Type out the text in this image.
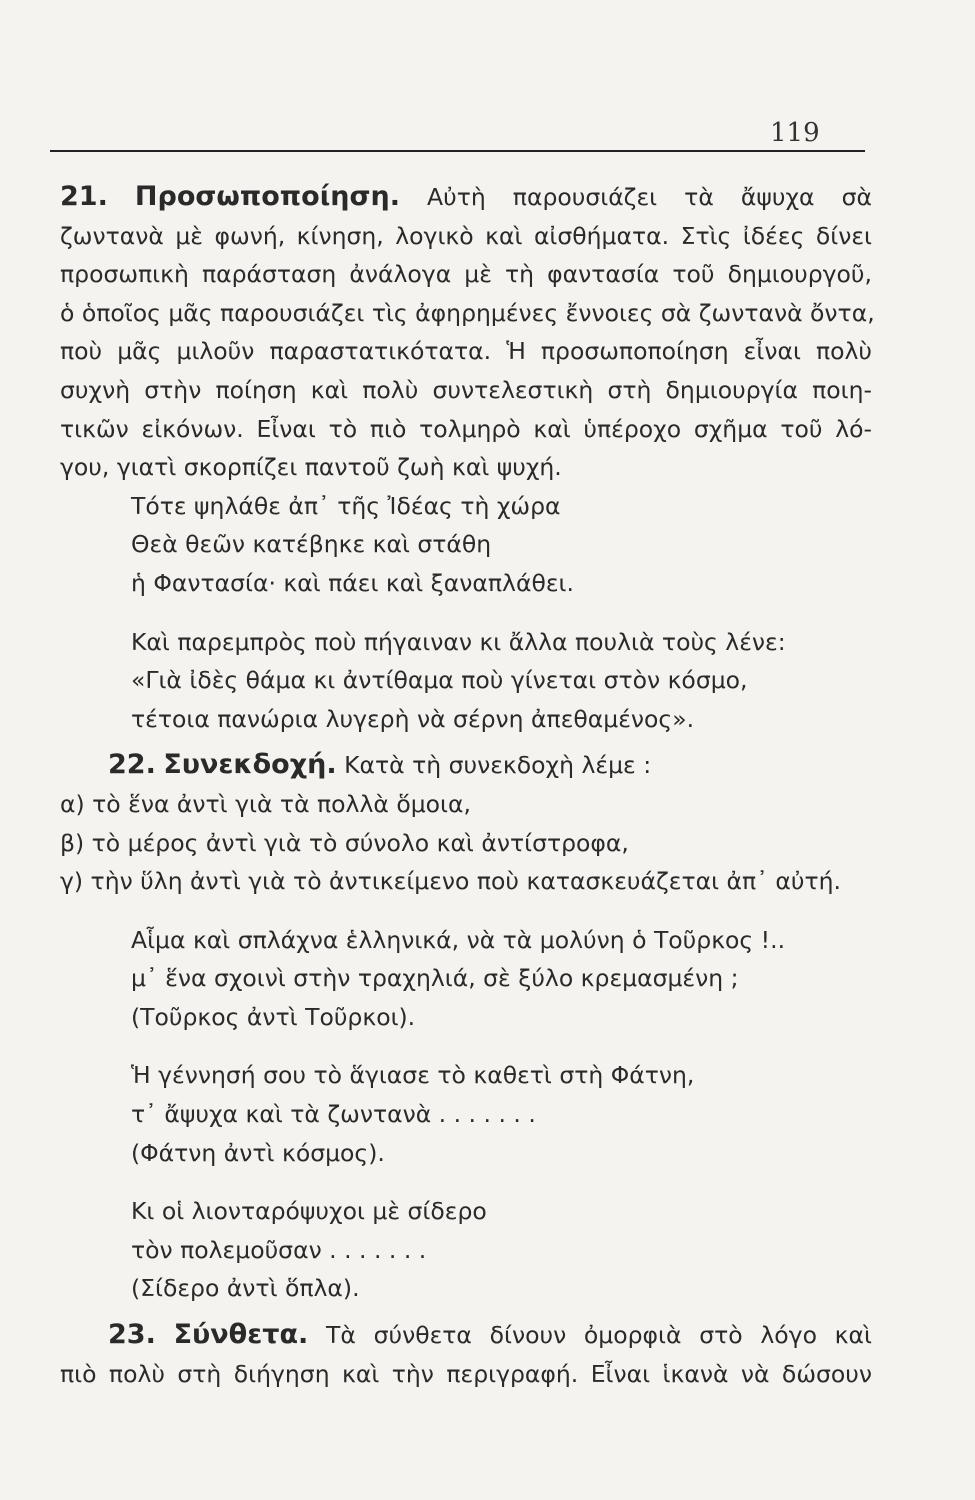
119
21. Προσωποποίηση. Αὐτὴ παρουσιάζει τὰ ἄψυχα σὰ
ζωντανὰ μὲ φωνή, κίνηση, λογικὸ καὶ αἰσθήματα. Στὶς ἰδέες δίνει
προσωπικὴ παράσταση ἀνάλογα μὲ τὴ φαντασία τοῦ δημιουργοῦ,
ὁ ὁποῖος μᾶς παρουσιάζει τὶς ἀφηρημένες ἔννοιες σὰ ζωντανὰ ὄντα,
ποὺ μᾶς μιλοῦν παραστατικότατα. Ἡ προσωποποίηση εἶναι πολὺ
συχνὴ στὴν ποίηση καὶ πολὺ συντελεστικὴ στὴ δημιουργία ποιη-
τικῶν εἰκόνων. Εἶναι τὸ πιὸ τολμηρὸ καὶ ὑπέροχο σχῆμα τοῦ λό-
γου, γιατὶ σκορπίζει παντοῦ ζωὴ καὶ ψυχή.
Τότε ψηλάθε ἀπ᾽ τῆς Ἰδέας τὴ χώρα
Θεὰ θεῶν κατέβηκε καὶ στάθη
ἡ Φαντασία· καὶ πάει καὶ ξαναπλάθει.
Καὶ παρεμπρὸς ποὺ πήγαιναν κι ἄλλα πουλιὰ τοὺς λένε:
«Γιὰ ἰδὲς θάμα κι ἀντίθαμα ποὺ γίνεται στὸν κόσμο,
τέτοια πανώρια λυγερὴ νὰ σέρνη ἀπεθαμένος».
22. Συνεκδοχή. Κατὰ τὴ συνεκδοχὴ λέμε :
α) τὸ ἕνα ἀντὶ γιὰ τὰ πολλὰ ὅμοια,
β) τὸ μέρος ἀντὶ γιὰ τὸ σύνολο καὶ ἀντίστροφα,
γ) τὴν ὕλη ἀντὶ γιὰ τὸ ἀντικείμενο ποὺ κατασκευάζεται ἀπ᾽ αὐτή.
Αἷμα καὶ σπλάχνα ἑλληνικά, νὰ τὰ μολύνη ὁ Τοῦρκος !..
μ᾽ ἕνα σχοινὶ στὴν τραχηλιά, σὲ ξύλο κρεμασμένη ;
(Τοῦρκος ἀντὶ Τοῦρκοι).
Ἡ γέννησή σου τὸ ἅγιασε τὸ καθετὶ στὴ Φάτνη,
τ᾽ ἄψυχα καὶ τὰ ζωντανὰ . . . . . . .
(Φάτνη ἀντὶ κόσμος).
Κι οἱ λιονταρόψυχοι μὲ σίδερο
τὸν πολεμοῦσαν . . . . . . .
(Σίδερο ἀντὶ ὅπλα).
23. Σύνθετα. Τὰ σύνθετα δίνουν ὀμορφιὰ στὸ λόγο καὶ
πιὸ πολὺ στὴ διήγηση καὶ τὴν περιγραφή. Εἶναι ἱκανὰ νὰ δώσουν
